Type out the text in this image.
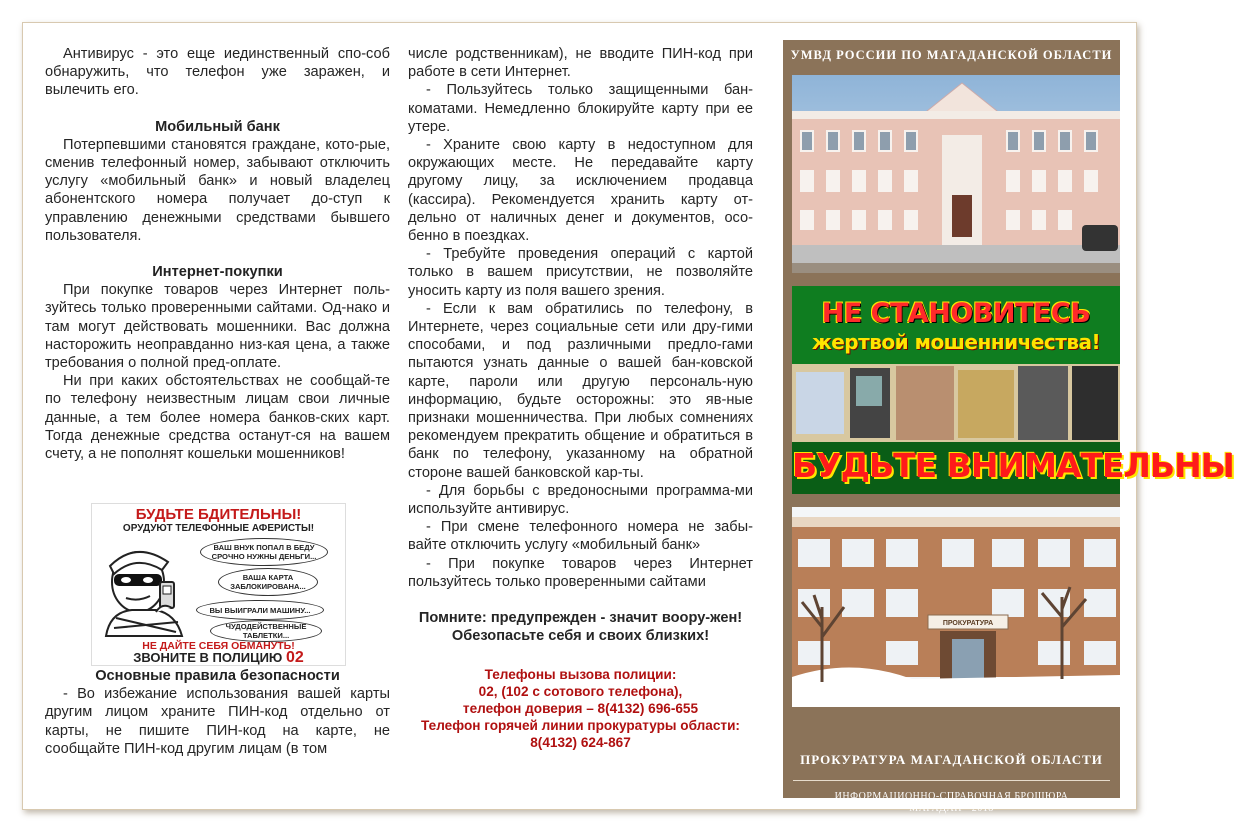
Антивирус - это еще иединственный спо-соб обнаружить, что телефон уже заражен, и вылечить его.

Мобильный банк

Потерпевшими становятся граждане, кото-рые, сменив телефонный номер, забывают отключить услугу «мобильный банк» и новый владелец абонентского номера получает до-ступ к управлению денежными средствами бывшего пользователя.

Интернет-покупки

При покупке товаров через Интернет поль-зуйтесь только проверенными сайтами. Од-нако и там могут действовать мошенники. Вас должна насторожить неоправданно низ-кая цена, а также требования о полной пред-оплате.

Ни при каких обстоятельствах не сообщай-те по телефону неизвестным лицам свои личные данные, а тем более номера банков-ских карт. Тогда денежные средства останут-ся на вашем счету, а не пополнят кошельки мошенников!

БУДЬТЕ БДИТЕЛЬНЫ!
ОРУДУЮТ ТЕЛЕФОННЫЕ АФЕРИСТЫ!
ВАШ ВНУК ПОПАЛ В БЕДУ СРОЧНО НУЖНЫ ДЕНЬГИ...
ВАША КАРТА ЗАБЛОКИРОВАНА...
ВЫ ВЫИГРАЛИ МАШИНУ...
ЧУДОДЕЙСТВЕННЫЕ ТАБЛЕТКИ...
НЕ ДАЙТЕ СЕБЯ ОБМАНУТЬ!
ЗВОНИТЕ В ПОЛИЦИЮ 02
Основные правила безопасности

- Во избежание использования вашей карты другим лицом храните ПИН-код отдельно от карты, не пишите ПИН-код на карте, не сообщайте ПИН-код другим лицам (в том

числе родственникам), не вводите ПИН-код при работе в сети Интернет.

- Пользуйтесь только защищенными бан-коматами. Немедленно блокируйте карту при ее утере.

- Храните свою карту в недоступном для окружающих месте. Не передавайте карту другому лицу, за исключением продавца (кассира). Рекомендуется хранить карту от-дельно от наличных денег и документов, осо-бенно в поездках.

- Требуйте проведения операций с картой только в вашем присутствии, не позволяйте уносить карту из поля вашего зрения.

- Если к вам обратились по телефону, в Интернете, через социальные сети или дру-гими способами, и под различными предло-гами пытаются узнать данные о вашей бан-ковской карте, пароли или другую персональ-ную информацию, будьте осторожны: это яв-ные признаки мошенничества. При любых сомнениях рекомендуем прекратить общение и обратиться в банк по телефону, указанному на обратной стороне вашей банковской кар-ты.

- Для борьбы с вредоносными программа-ми используйте антивирус.

- При смене телефонного номера не забы-вайте отключить услугу «мобильный банк»

- При покупке товаров через Интернет пользуйтесь только проверенными сайтами

Помните: предупрежден - значит воору-жен! Обезопасьте себя и своих близких!

Телефоны вызова полиции:
02, (102 с сотового телефона),
телефон доверия – 8(4132) 696-655
Телефон горячей линии прокуратуры области:
8(4132) 624-867
УМВД РОССИИ ПО МАГАДАНСКОЙ ОБЛАСТИ
НЕ СТАНОВИТЕСЬ
жертвой мошенничества!
БУДЬТЕ ВНИМАТЕЛЬНЫ
ПРОКУРАТУРА
ПРОКУРАТУРА МАГАДАНСКОЙ ОБЛАСТИ
ИНФОРМАЦИОННО-СПРАВОЧНАЯ БРОШЮРА
МАГАДАН - 2018
